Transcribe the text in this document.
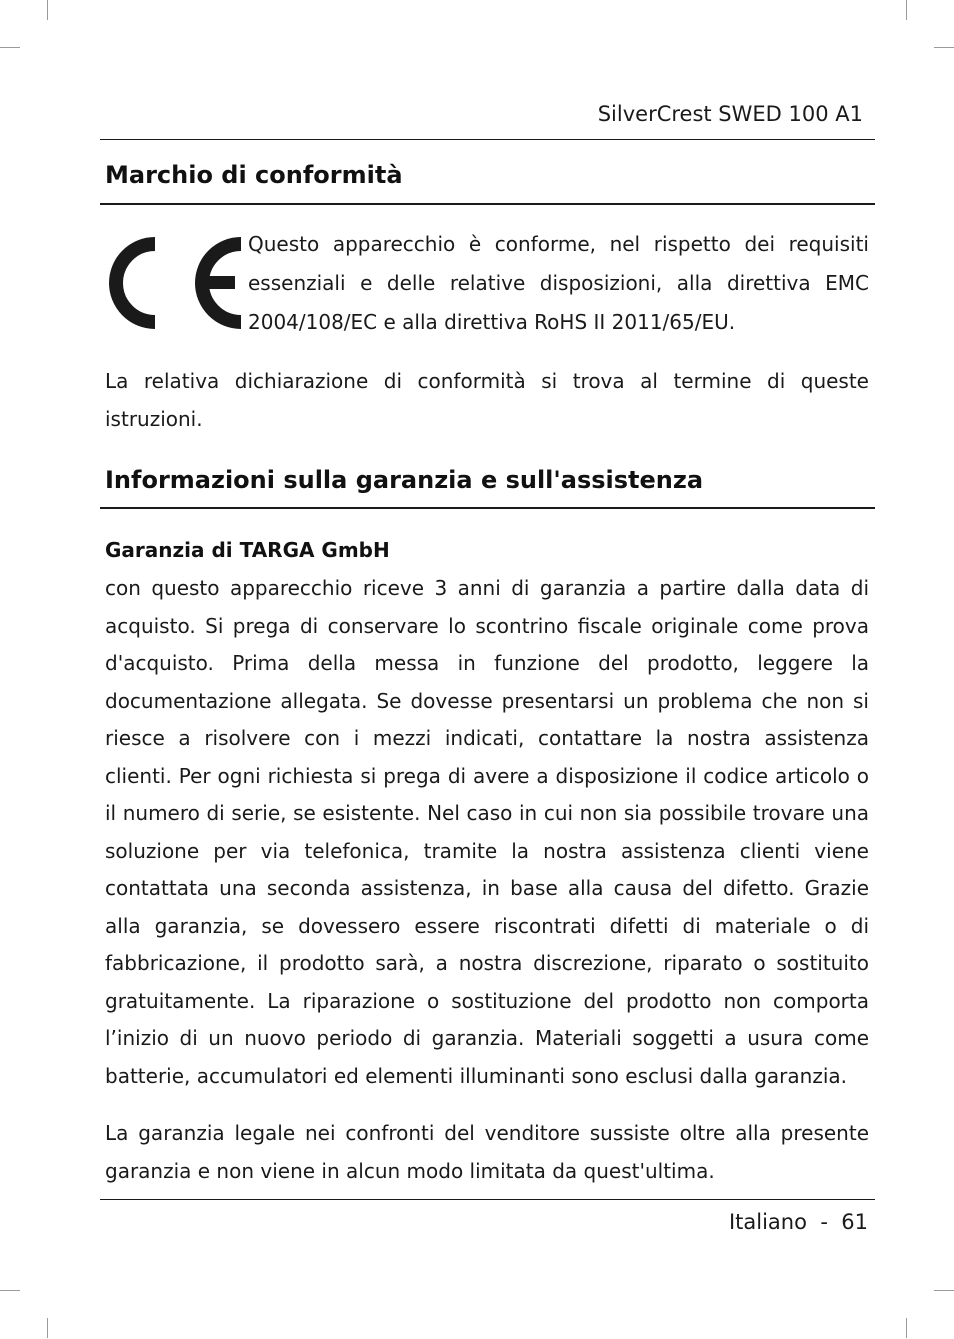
SilverCrest SWED 100 A1
Marchio di conformità

Questo apparecchio è conforme, nel rispetto dei requisiti essenziali e delle relative disposizioni, alla direttiva EMC 2004/108/EC e alla direttiva RoHS II 2011/65/EU.

La relativa dichiarazione di conformità si trova al termine di queste istruzioni.

Informazioni sulla garanzia e sull'assistenza
Garanzia di TARGA GmbH

con questo apparecchio riceve 3 anni di garanzia a partire dalla data di acquisto. Si prega di conservare lo scontrino fiscale originale come prova d'acquisto. Prima della messa in funzione del prodotto, leggere la documentazione allegata. Se dovesse presentarsi un problema che non si riesce a risolvere con i mezzi indicati, contattare la nostra assistenza clienti. Per ogni richiesta si prega di avere a disposizione il codice articolo o il numero di serie, se esistente. Nel caso in cui non sia possibile trovare una soluzione per via telefonica, tramite la nostra assistenza clienti viene contattata una seconda assistenza, in base alla causa del difetto. Grazie alla garanzia, se dovessero essere riscontrati difetti di materiale o di fabbricazione, il prodotto sarà, a nostra discrezione, riparato o sostituito gratuitamente. La riparazione o sostituzione del prodotto non comporta l’inizio di un nuovo periodo di garanzia. Materiali soggetti a usura come batterie, accumulatori ed elementi illuminanti sono esclusi dalla garanzia.

La garanzia legale nei confronti del venditore sussiste oltre alla presente garanzia e non viene in alcun modo limitata da quest'ultima.

Italiano - 61
